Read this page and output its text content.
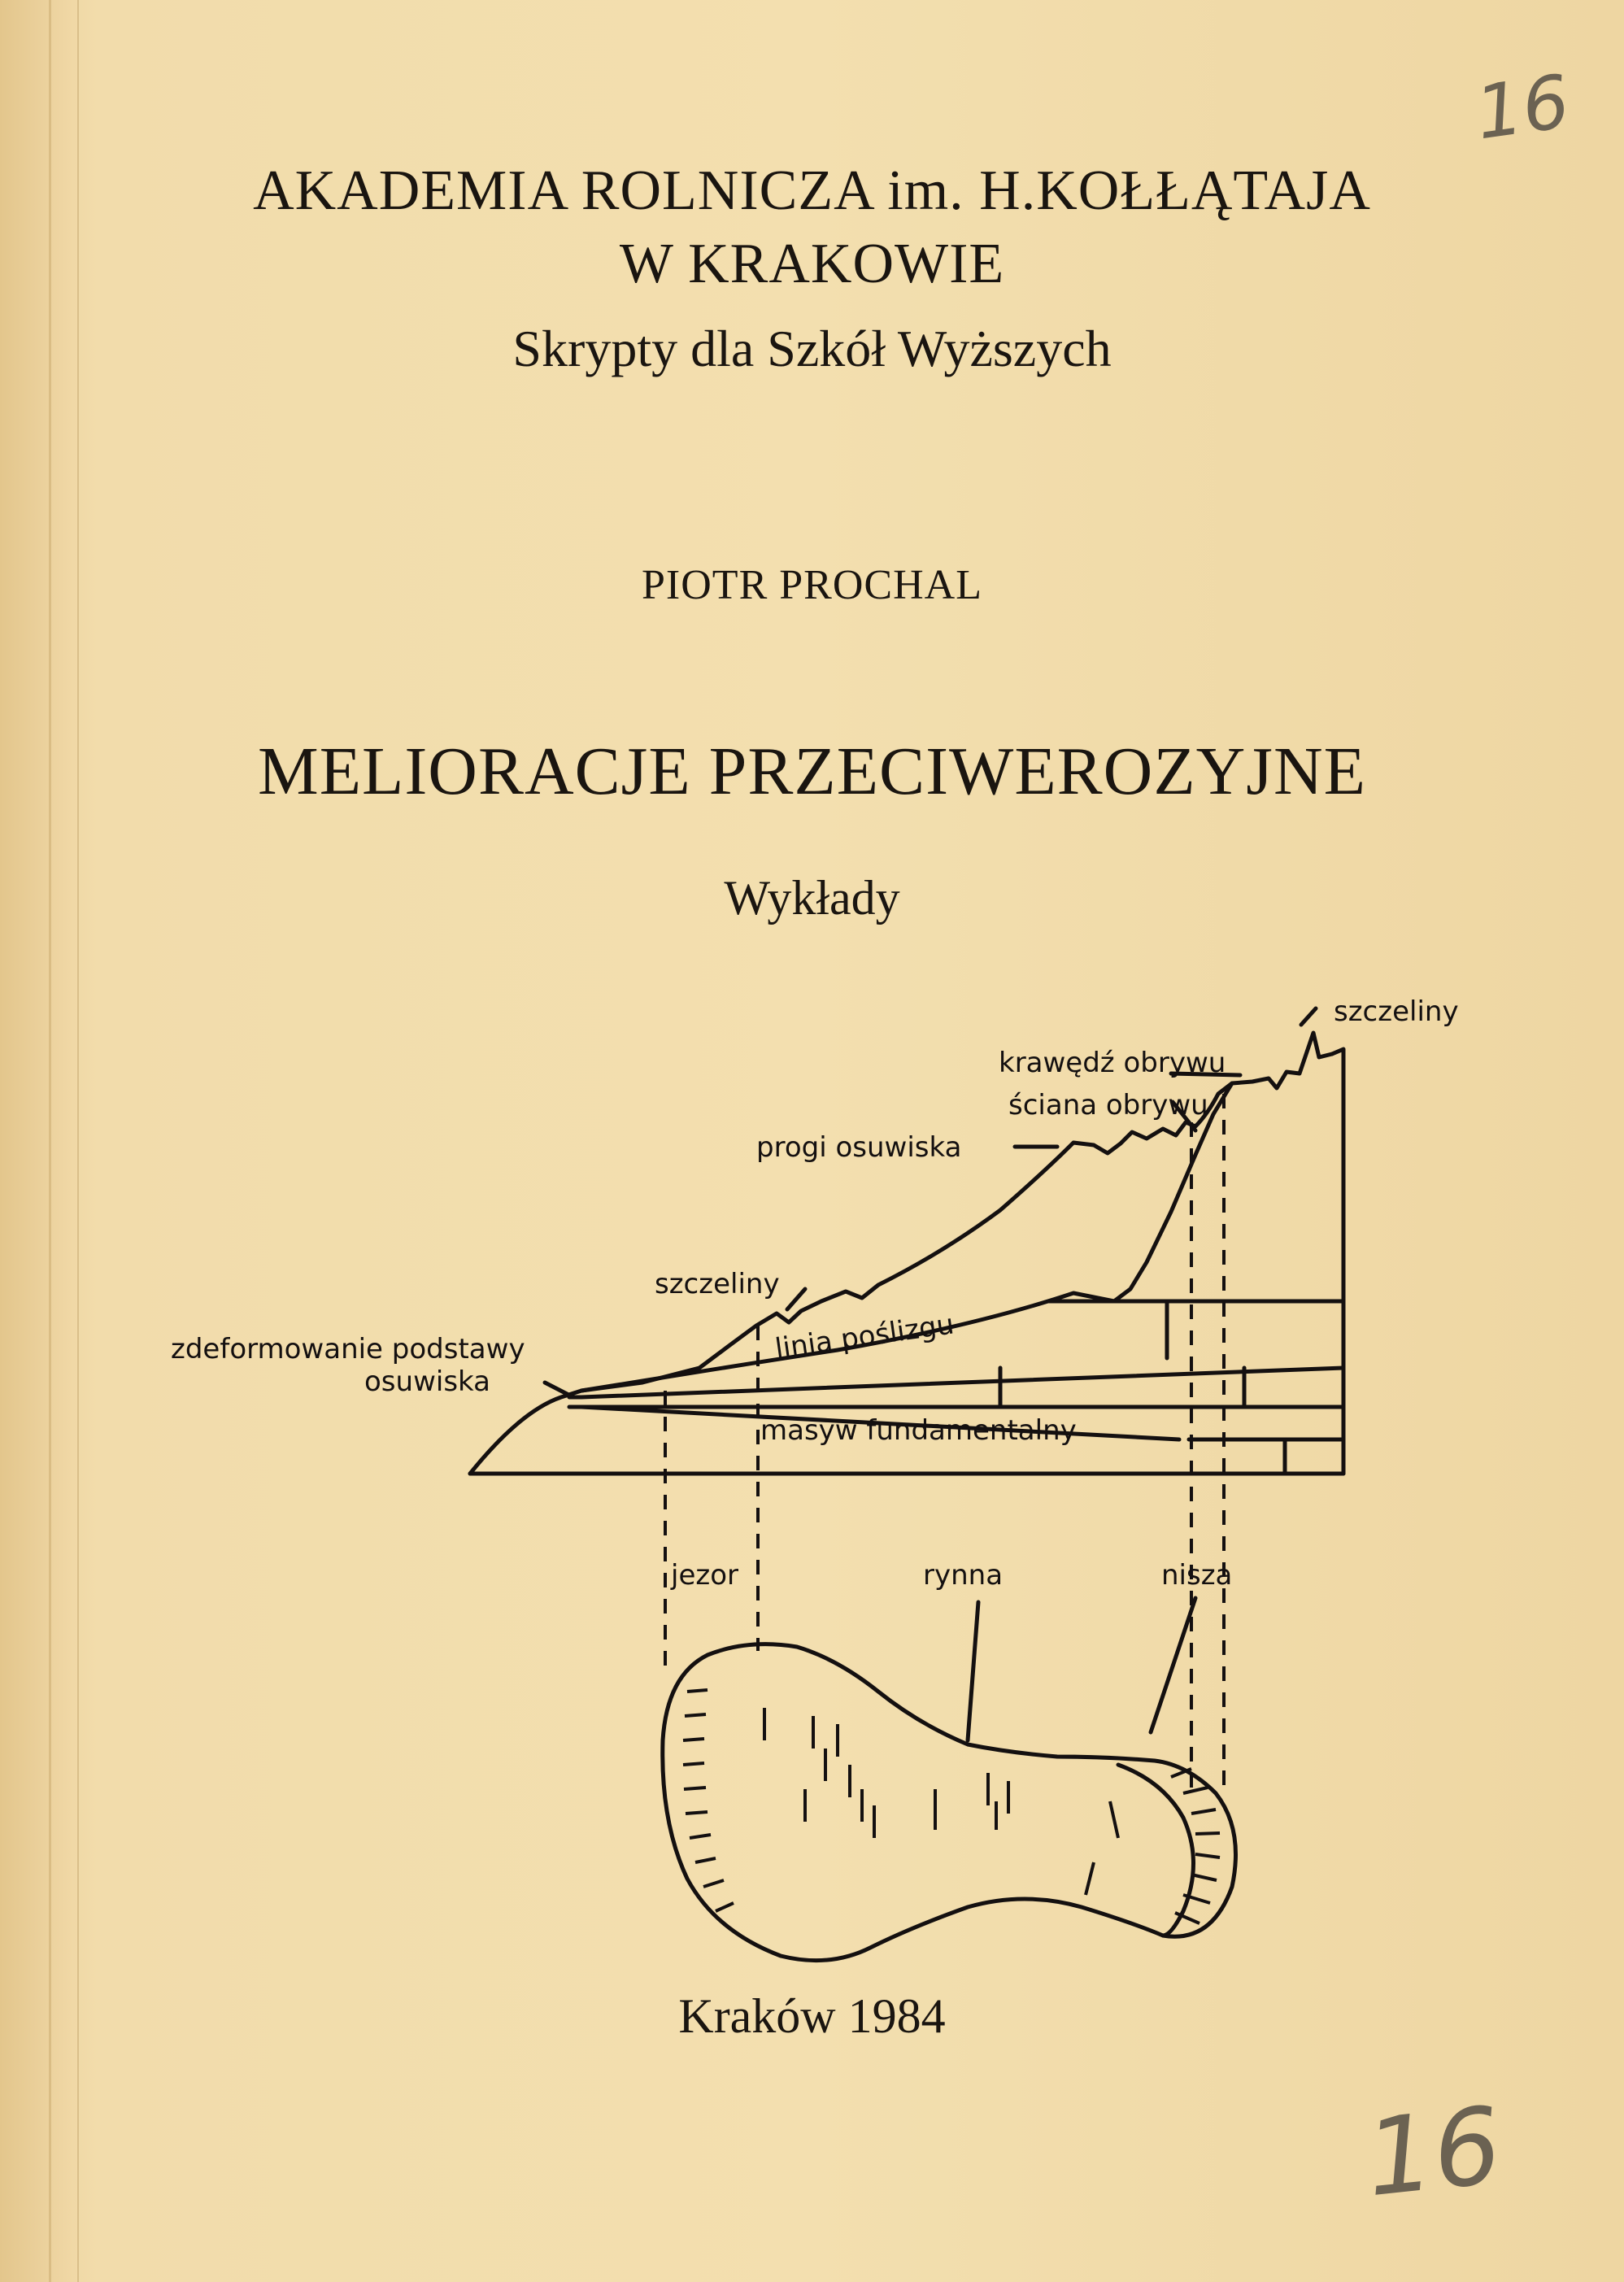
AKADEMIA ROLNICZA im. H.KOŁŁĄTAJA
W KRAKOWIE
Skrypty dla Szkół Wyższych
PIOTR PROCHAL
MELIORACJE PRZECIWEROZYJNE
Wykłady
szczeliny
krawędź obrywu
ściana obrywu
progi osuwiska
szczeliny
linia poślizgu
zdeformowanie podstawy
osuwiska
masyw fundamentalny
jezor	rynna	nisza
Kraków 1984
16
16
